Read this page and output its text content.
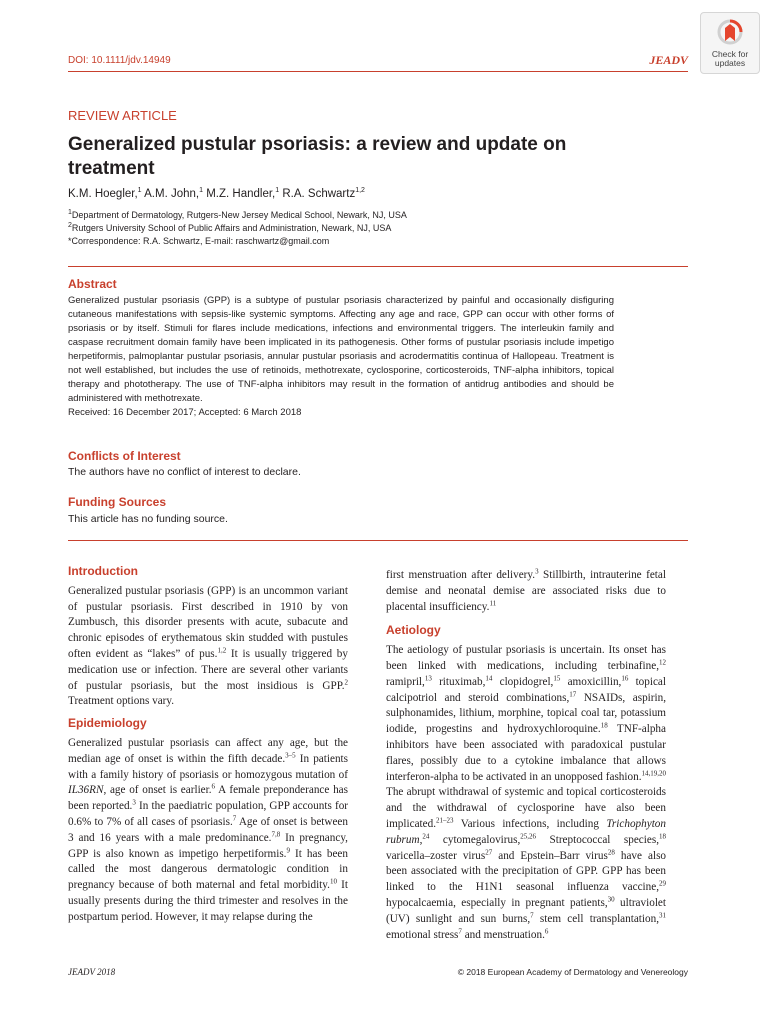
DOI: 10.1111/jdv.14949	JEADV	Check for
updates
REVIEW ARTICLE
Generalized pustular psoriasis: a review and update on treatment
K.M. Hoegler,$^1$ A.M. John,$^1$ M.Z. Handler,$^1$ R.A. Schwartz$^{1,2}$
$^1$Department of Dermatology, Rutgers-New Jersey Medical School, Newark, NJ, USA
$^2$Rutgers University School of Public Affairs and Administration, Newark, NJ, USA
*Correspondence: R.A. Schwartz, E-mail: raschwartz@gmail.com
Abstract
Generalized pustular psoriasis (GPP) is a subtype of pustular psoriasis characterized by painful and occasionally disfiguring cutaneous manifestations with sepsis-like systemic symptoms. Affecting any age and race, GPP can occur with other forms of psoriasis or by itself. Stimuli for flares include medications, infections and environmental triggers. The interleukin family and caspase recruitment domain family have been implicated in its pathogenesis. Other forms of pustular psoriasis include impetigo herpetiformis, palmoplantar pustular psoriasis, annular pustular psoriasis and acrodermatitis continua of Hallopeau. Treatment is not well established, but includes the use of retinoids, methotrexate, cyclosporine, corticosteroids, TNF-alpha inhibitors, topical therapy and phototherapy. The use of TNF-alpha inhibitors may result in the formation of antidrug antibodies and should be administered with methotrexate.
Received: 16 December 2017; Accepted: 6 March 2018
Conflicts of Interest
The authors have no conflict of interest to declare.
Funding Sources
This article has no funding source.
Introduction

Generalized pustular psoriasis (GPP) is an uncommon variant of pustular psoriasis. First described in 1910 by von Zumbusch, this disorder presents with acute, subacute and chronic episodes of erythematous skin studded with pustules often evident as “lakes” of pus.$^{1,2}$ It is usually triggered by medication use or infection. There are several other variants of pustular psoriasis, but the most insidious is GPP.$^2$ Treatment options vary.

Epidemiology

Generalized pustular psoriasis can affect any age, but the median age of onset is within the fifth decade.$^{3-5}$ In patients with a family history of psoriasis or homozygous mutation of IL36RN, age of onset is earlier.$^6$ A female preponderance has been reported.$^3$ In the paediatric population, GPP accounts for 0.6% to 7% of all cases of psoriasis.$^7$ Age of onset is between 3 and 16 years with a male predominance.$^{7,8}$ In pregnancy, GPP is also known as impetigo herpetiformis.$^9$ It has been called the most dangerous dermatologic condition in pregnancy because of both maternal and fetal morbidity.$^{10}$ It usually presents during the third trimester and resolves in the postpartum period. However, it may relapse during the

first menstruation after delivery.$^3$ Stillbirth, intrauterine fetal demise and neonatal demise are associated risks due to placental insufficiency.$^{11}$

Aetiology

The aetiology of pustular psoriasis is uncertain. Its onset has been linked with medications, including terbinafine,$^{12}$ ramipril,$^{13}$ rituximab,$^{14}$ clopidogrel,$^{15}$ amoxicillin,$^{16}$ topical calcipotriol and steroid combinations,$^{17}$ NSAIDs, aspirin, sulphonamides, lithium, morphine, topical coal tar, potassium iodide, progestins and hydroxychloroquine.$^{18}$ TNF-alpha inhibitors have been associated with paradoxical pustular flares, possibly due to a cytokine imbalance that allows interferon-alpha to be activated in an unopposed fashion.$^{14,19,20}$ The abrupt withdrawal of systemic and topical corticosteroids and the withdrawal of cyclosporine have also been implicated.$^{21-23}$ Various infections, including Trichophyton rubrum,$^{24}$ cytomegalovirus,$^{25,26}$ Streptococcal species,$^{18}$ varicella–zoster virus$^{27}$ and Epstein–Barr virus$^{28}$ have also been associated with the precipitation of GPP. GPP has been linked to the H1N1 seasonal influenza vaccine,$^{29}$ hypocalcaemia, especially in pregnant patients,$^{30}$ ultraviolet (UV) sunlight and sun burns,$^7$ stem cell transplantation,$^{31}$ emotional stress$^7$ and menstruation.$^6$

JEADV 2018	© 2018 European Academy of Dermatology and Venereology
